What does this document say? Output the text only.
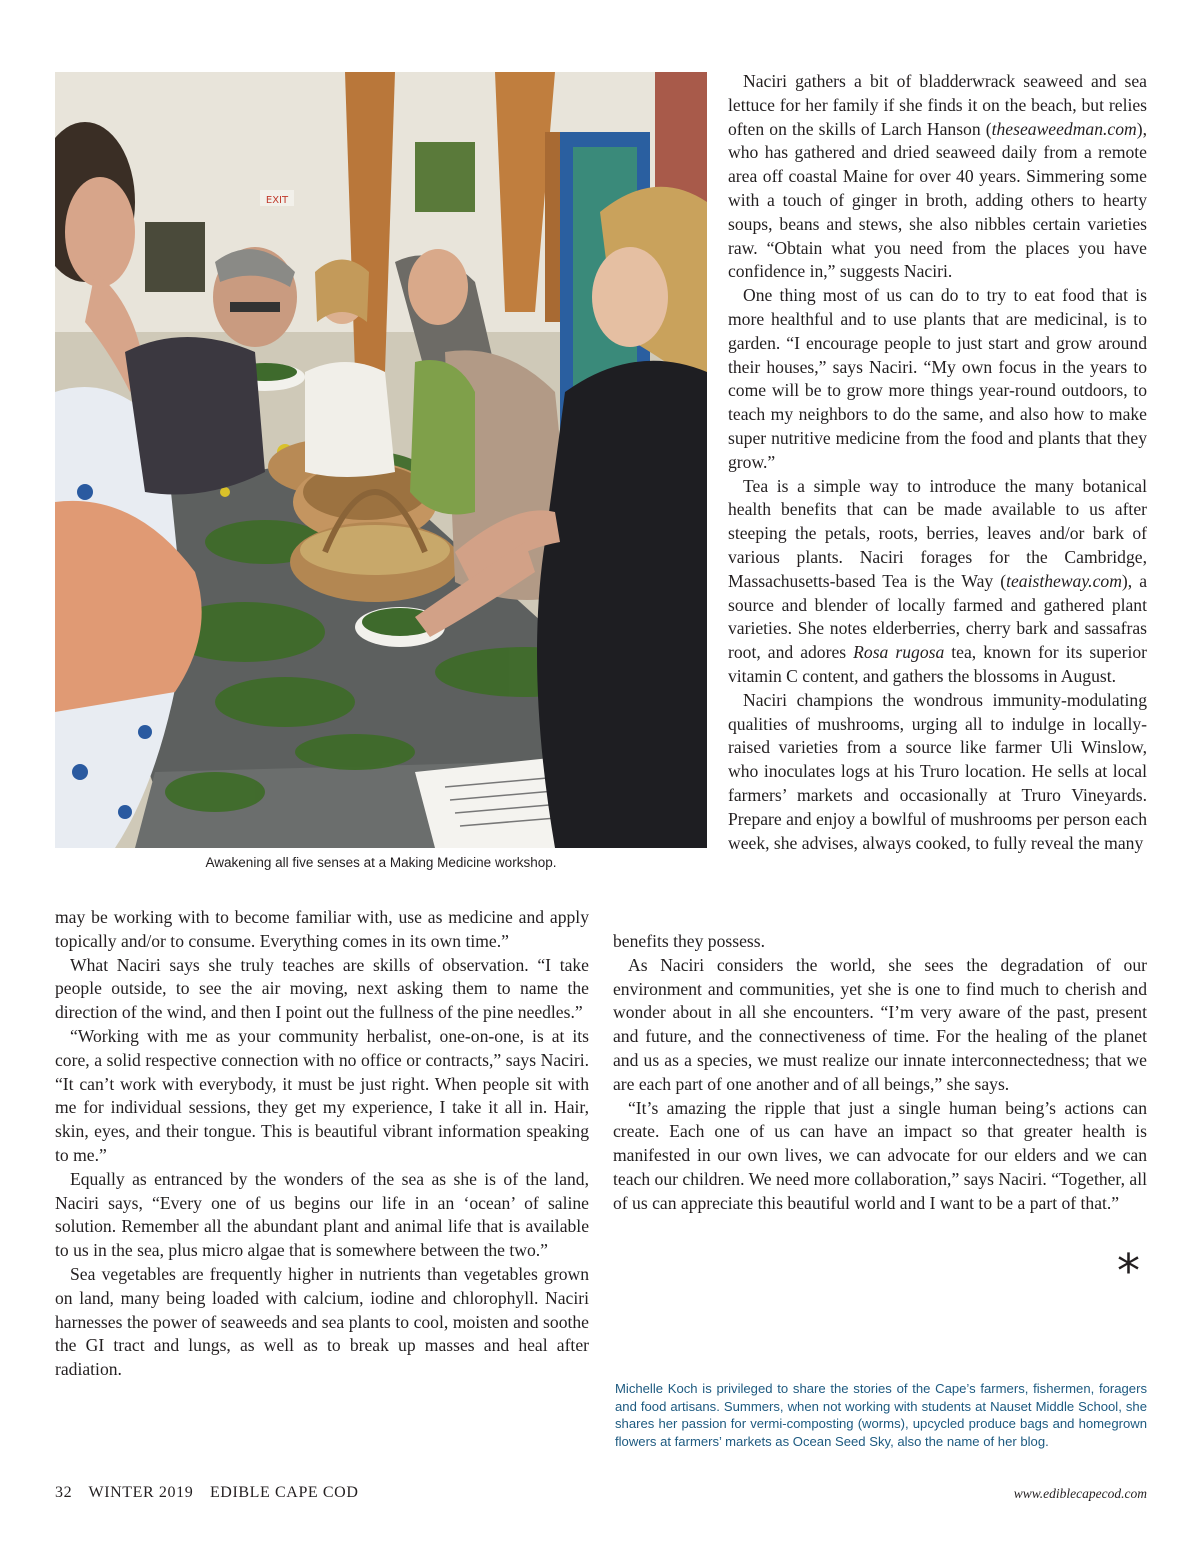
EXIT
Awakening all five senses at a Making Medicine workshop.

Naciri gathers a bit of bladderwrack seaweed and sea lettuce for her family if she finds it on the beach, but relies often on the skills of Larch Hanson (theseaweedman.com), who has gathered and dried seaweed daily from a remote area off coastal Maine for over 40 years. Simmering some with a touch of ginger in broth, adding others to hearty soups, beans and stews, she also nibbles certain varieties raw. “Obtain what you need from the places you have confidence in,” suggests Naciri.

One thing most of us can do to try to eat food that is more healthful and to use plants that are medicinal, is to garden. “I encourage people to just start and grow around their houses,” says Naciri. “My own focus in the years to come will be to grow more things year-round outdoors, to teach my neighbors to do the same, and also how to make super nutritive medicine from the food and plants that they grow.”

Tea is a simple way to introduce the many botanical health benefits that can be made available to us after steeping the petals, roots, berries, leaves and/or bark of various plants. Naciri forages for the Cambridge, Massachusetts-based Tea is the Way (teaistheway.com), a source and blender of locally farmed and gathered plant varieties. She notes elderberries, cherry bark and sassafras root, and adores Rosa rugosa tea, known for its superior vitamin C content, and gathers the blossoms in August.

Naciri champions the wondrous immunity-modulating qualities of mushrooms, urging all to indulge in locally-raised varieties from a source like farmer Uli Winslow, who inoculates logs at his Truro location. He sells at local farmers’ markets and occasionally at Truro Vineyards. Prepare and enjoy a bowlful of mushrooms per person each week, she advises, always cooked, to fully reveal the many

benefits they possess.

As Naciri considers the world, she sees the degradation of our environment and communities, yet she is one to find much to cherish and wonder about in all she encounters. “I’m very aware of the past, present and future, and the connectiveness of time. For the healing of the planet and us as a species, we must realize our innate interconnectedness; that we are each part of one another and of all beings,” she says.

“It’s amazing the ripple that just a single human being’s actions can create. Each one of us can have an impact so that greater health is manifested in our own lives, we can advocate for our elders and we can teach our children. We need more collaboration,” says Naciri. “Together, all of us can appreciate this beautiful world and I want to be a part of that.”

may be working with to become familiar with, use as medicine and apply topically and/or to consume. Everything comes in its own time.”

What Naciri says she truly teaches are skills of observation. “I take people outside, to see the air moving, next asking them to name the direction of the wind, and then I point out the fullness of the pine needles.”

“Working with me as your community herbalist, one-on-one, is at its core, a solid respective connection with no office or contracts,” says Naciri. “It can’t work with everybody, it must be just right. When people sit with me for individual sessions, they get my experience, I take it all in. Hair, skin, eyes, and their tongue. This is beautiful vibrant information speaking to me.”

Equally as entranced by the wonders of the sea as she is of the land, Naciri says, “Every one of us begins our life in an ‘ocean’ of saline solution. Remember all the abundant plant and animal life that is available to us in the sea, plus micro algae that is somewhere between the two.”

Sea vegetables are frequently higher in nutrients than vegetables grown on land, many being loaded with calcium, iodine and chlorophyll. Naciri harnesses the power of seaweeds and sea plants to cool, moisten and soothe the GI tract and lungs, as well as to break up masses and heal after radiation.

*

Michelle Koch is privileged to share the stories of the Cape’s farmers, fishermen, foragers and food artisans. Summers, when not working with students at Nauset Middle School, she shares her passion for vermi-composting (worms), upcycled produce bags and homegrown flowers at farmers’ markets as Ocean Seed Sky, also the name of her blog.

32 WINTER 2019 EDIBLE CAPE COD	www.ediblecapecod.com
